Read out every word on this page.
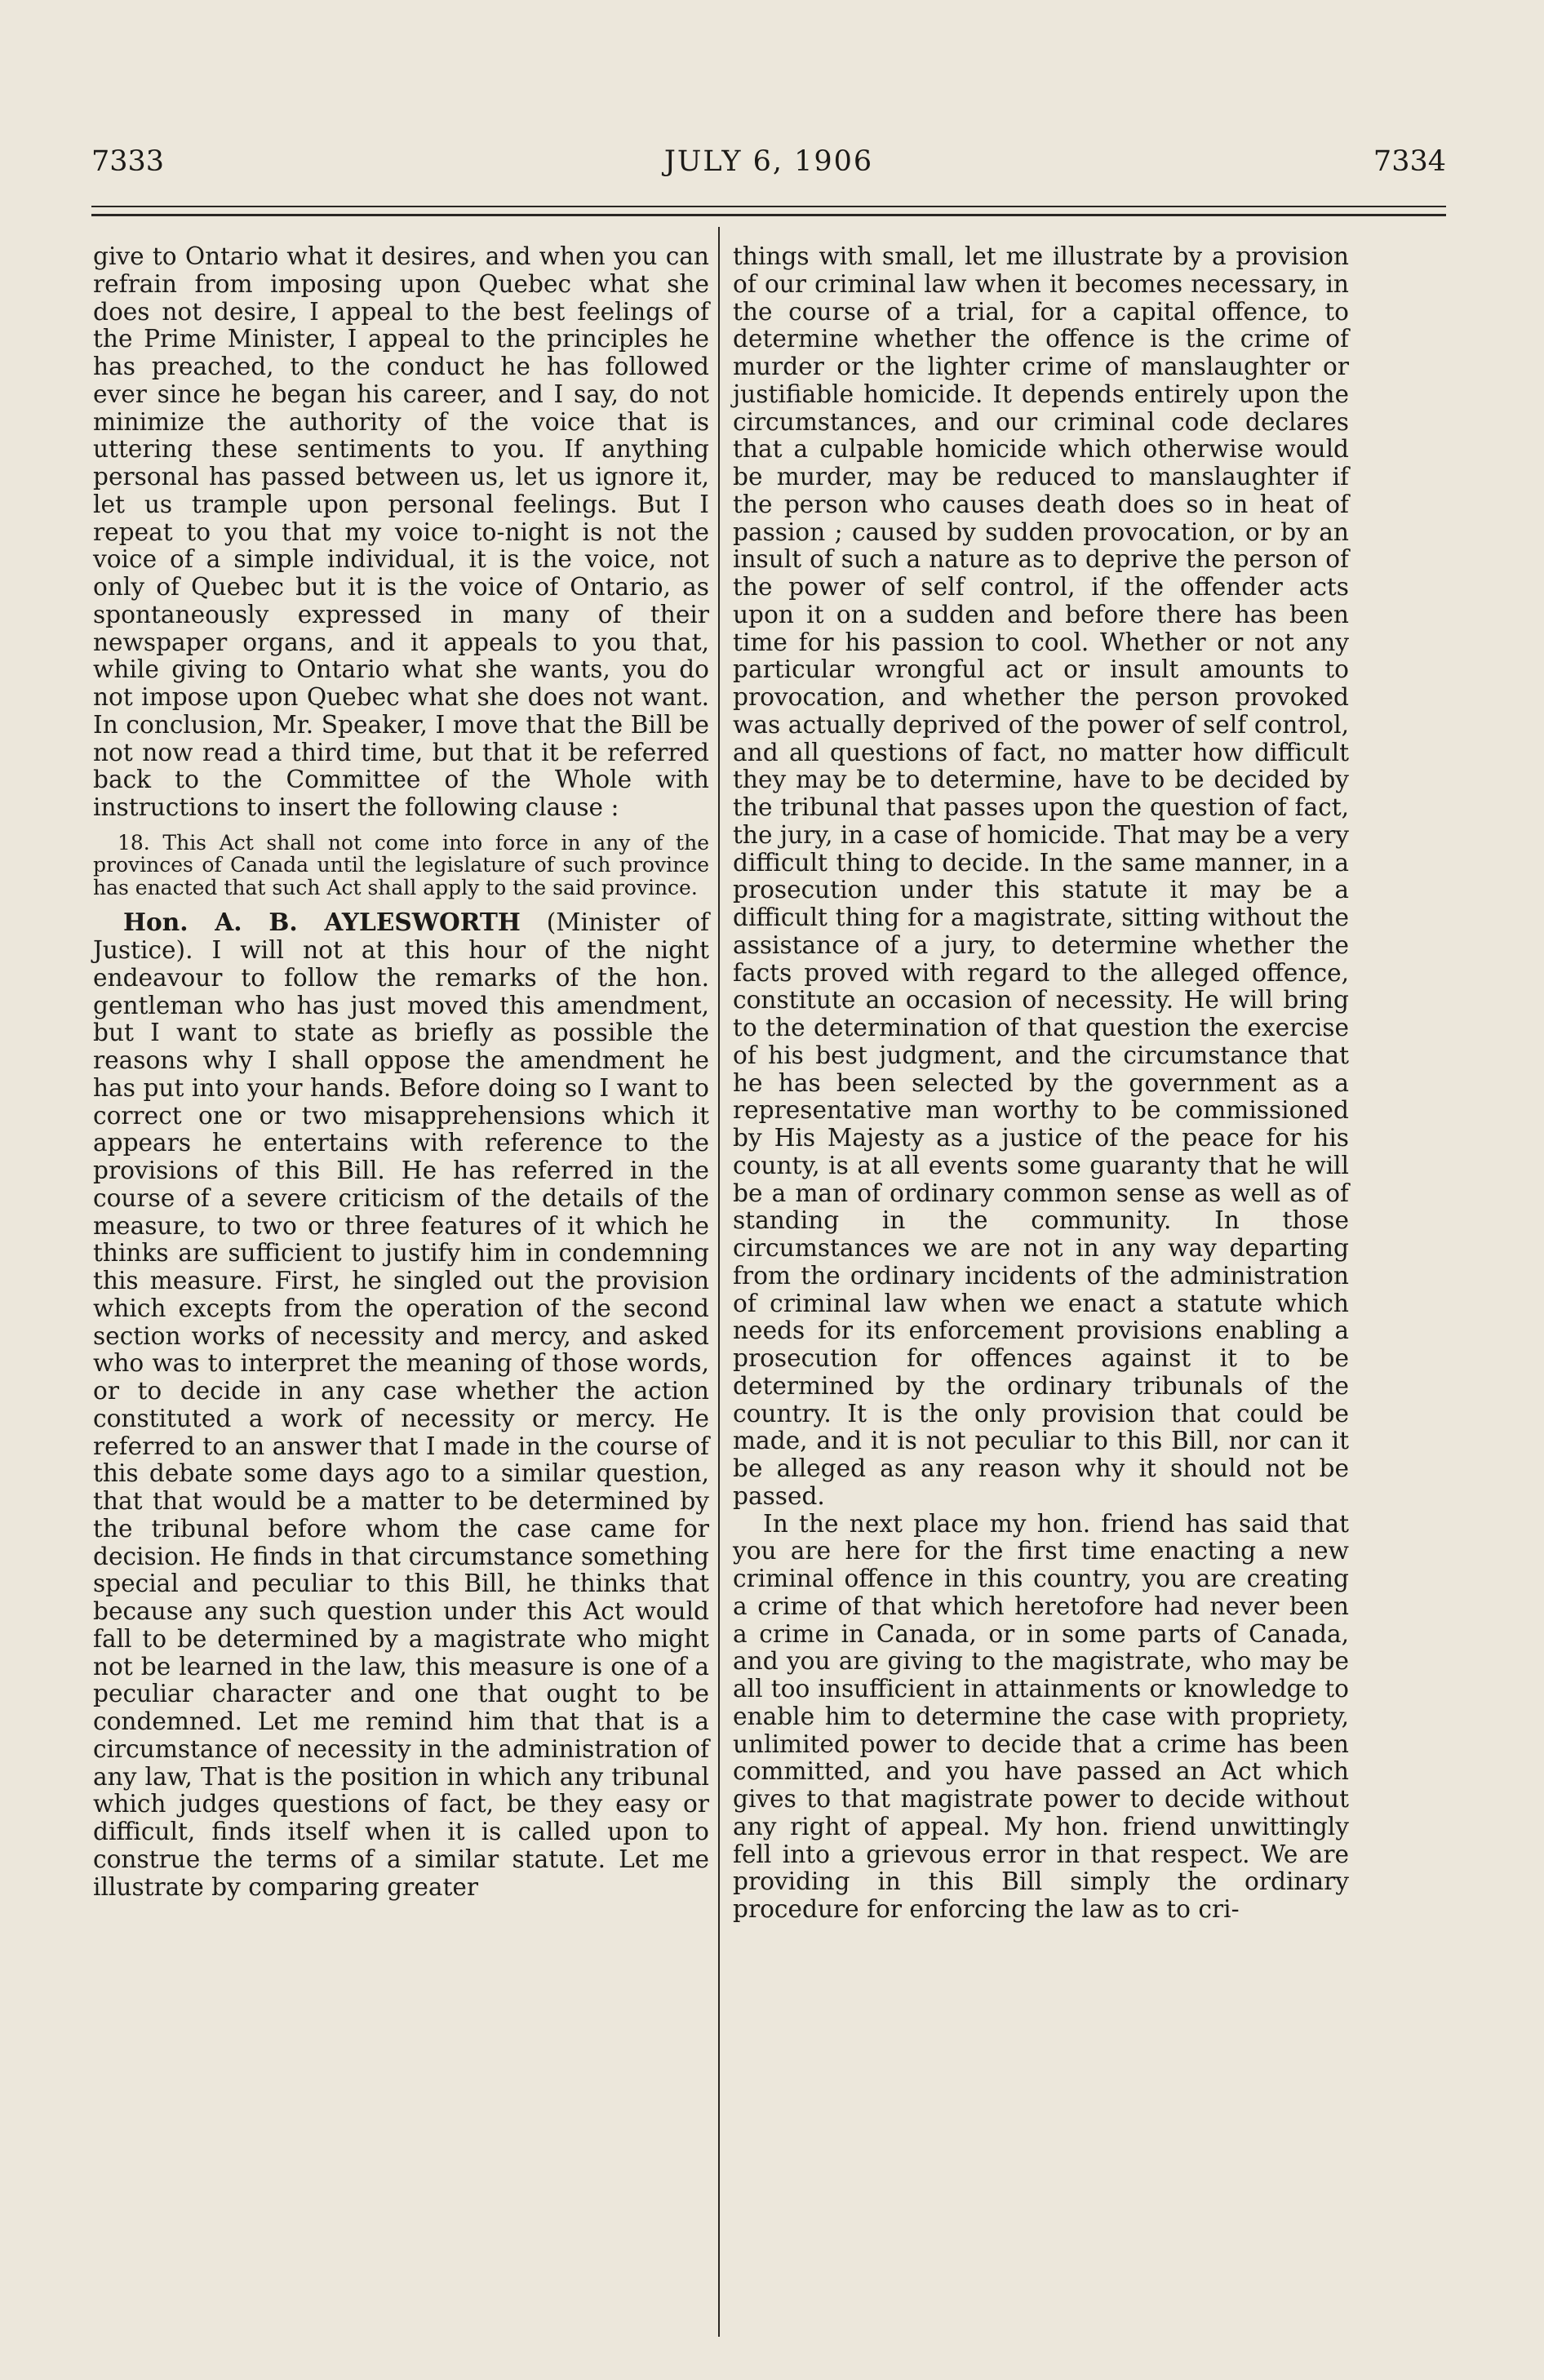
7333	JULY 6, 1906	7334

give to Ontario what it desires, and when you can refrain from imposing upon Quebec what she does not desire, I appeal to the best feelings of the Prime Minister, I appeal to the principles he has preached, to the conduct he has followed ever since he began his career, and I say, do not minimize the authority of the voice that is uttering these sentiments to you. If anything personal has passed between us, let us ignore it, let us trample upon personal feelings. But I repeat to you that my voice to-night is not the voice of a simple individual, it is the voice, not only of Quebec but it is the voice of Ontario, as spontaneously expressed in many of their newspaper organs, and it appeals to you that, while giving to Ontario what she wants, you do not impose upon Quebec what she does not want. In conclusion, Mr. Speaker, I move that the Bill be not now read a third time, but that it be referred back to the Committee of the Whole with instructions to insert the following clause :

18. This Act shall not come into force in any of the provinces of Canada until the legislature of such province has enacted that such Act shall apply to the said province.

Hon. A. B. AYLESWORTH (Minister of Justice). I will not at this hour of the night endeavour to follow the remarks of the hon. gentleman who has just moved this amendment, but I want to state as briefly as possible the reasons why I shall oppose the amendment he has put into your hands. Before doing so I want to correct one or two misapprehensions which it appears he entertains with reference to the provisions of this Bill. He has referred in the course of a severe criticism of the details of the measure, to two or three features of it which he thinks are sufficient to justify him in condemning this measure. First, he singled out the provision which excepts from the operation of the second section works of necessity and mercy, and asked who was to interpret the meaning of those words, or to decide in any case whether the action constituted a work of necessity or mercy. He referred to an answer that I made in the course of this debate some days ago to a similar question, that that would be a matter to be determined by the tribunal before whom the case came for decision. He finds in that circumstance something special and peculiar to this Bill, he thinks that because any such question under this Act would fall to be determined by a magistrate who might not be learned in the law, this measure is one of a peculiar character and one that ought to be condemned. Let me remind him that that is a circumstance of necessity in the administration of any law, That is the position in which any tribunal which judges questions of fact, be they easy or difficult, finds itself when it is called upon to construe the terms of a similar statute. Let me illustrate by comparing greater

things with small, let me illustrate by a provision of our criminal law when it becomes necessary, in the course of a trial, for a capital offence, to determine whether the offence is the crime of murder or the lighter crime of manslaughter or justifiable homicide. It depends entirely upon the circumstances, and our criminal code declares that a culpable homicide which otherwise would be murder, may be reduced to manslaughter if the person who causes death does so in heat of passion ; caused by sudden provocation, or by an insult of such a nature as to deprive the person of the power of self control, if the offender acts upon it on a sudden and before there has been time for his passion to cool. Whether or not any particular wrongful act or insult amounts to provocation, and whether the person provoked was actually deprived of the power of self control, and all questions of fact, no matter how difficult they may be to determine, have to be decided by the tribunal that passes upon the question of fact, the jury, in a case of homicide. That may be a very difficult thing to decide. In the same manner, in a prosecution under this statute it may be a difficult thing for a magistrate, sitting without the assistance of a jury, to determine whether the facts proved with regard to the alleged offence, constitute an occasion of necessity. He will bring to the determination of that question the exercise of his best judgment, and the circumstance that he has been selected by the government as a representative man worthy to be commissioned by His Majesty as a justice of the peace for his county, is at all events some guaranty that he will be a man of ordinary common sense as well as of standing in the community. In those circumstances we are not in any way departing from the ordinary incidents of the administration of criminal law when we enact a statute which needs for its enforcement provisions enabling a prosecution for offences against it to be determined by the ordinary tribunals of the country. It is the only provision that could be made, and it is not peculiar to this Bill, nor can it be alleged as any reason why it should not be passed.

In the next place my hon. friend has said that you are here for the first time enacting a new criminal offence in this country, you are creating a crime of that which heretofore had never been a crime in Canada, or in some parts of Canada, and you are giving to the magistrate, who may be all too insufficient in attainments or knowledge to enable him to determine the case with propriety, unlimited power to decide that a crime has been committed, and you have passed an Act which gives to that magistrate power to decide without any right of appeal. My hon. friend unwittingly fell into a grievous error in that respect. We are providing in this Bill simply the ordinary procedure for enforcing the law as to cri-
